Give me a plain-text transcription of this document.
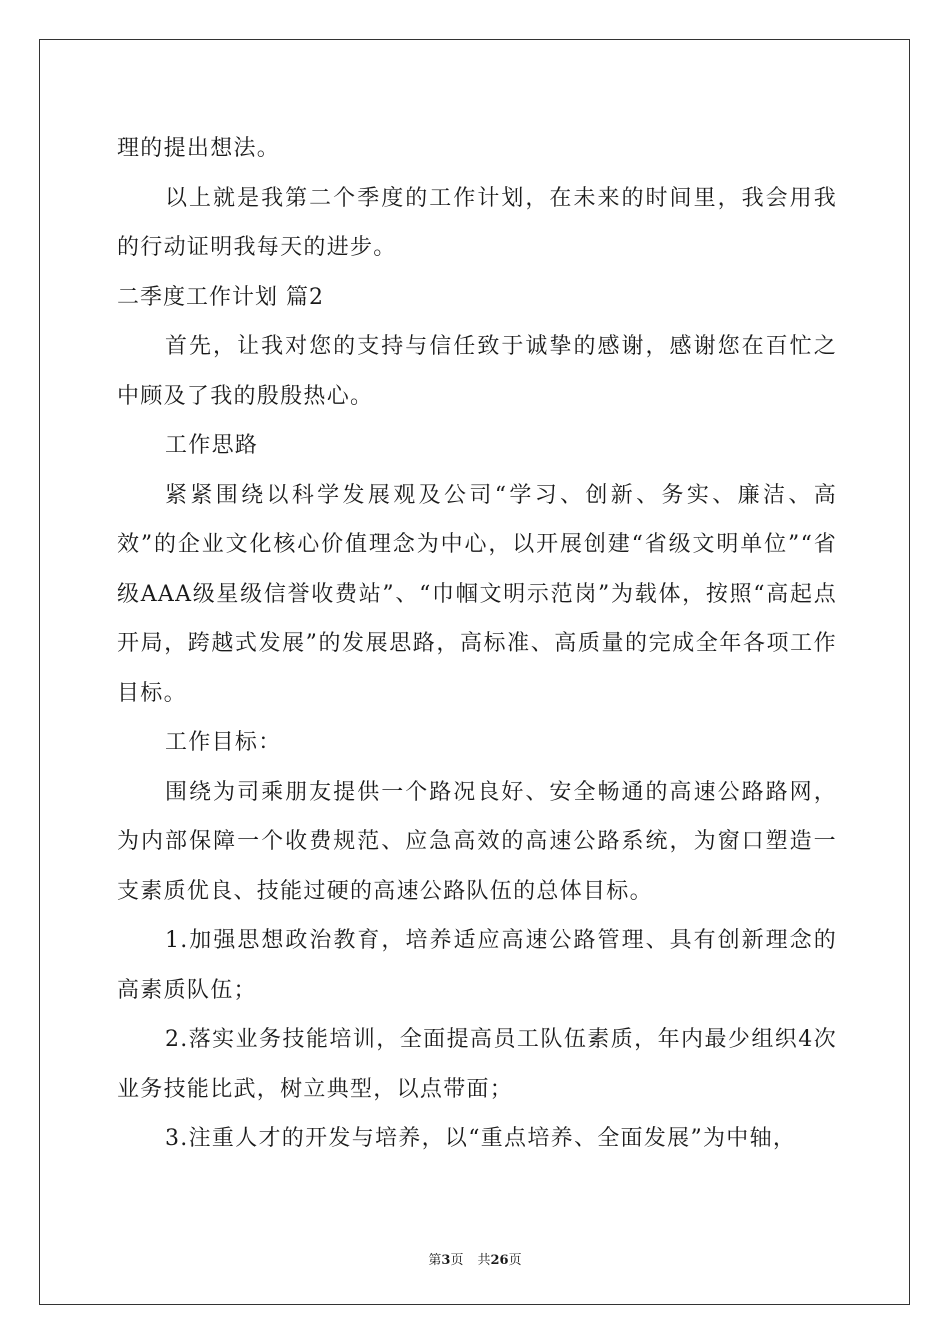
理的提出想法。

以上就是我第二个季度的工作计划，在未来的时间里，我会用我的行动证明我每天的进步。

二季度工作计划 篇2

首先，让我对您的支持与信任致于诚挚的感谢，感谢您在百忙之中顾及了我的殷殷热心。

工作思路

紧紧围绕以科学发展观及公司“学习、创新、务实、廉洁、高效”的企业文化核心价值理念为中心，以开展创建“省级文明单位”“省级AAA级星级信誉收费站”、“巾帼文明示范岗”为载体，按照“高起点开局，跨越式发展”的发展思路，高标准、高质量的完成全年各项工作目标。

工作目标：

围绕为司乘朋友提供一个路况良好、安全畅通的高速公路路网，为内部保障一个收费规范、应急高效的高速公路系统，为窗口塑造一支素质优良、技能过硬的高速公路队伍的总体目标。

1.加强思想政治教育，培养适应高速公路管理、具有创新理念的高素质队伍；

2.落实业务技能培训，全面提高员工队伍素质，年内最少组织4次业务技能比武，树立典型，以点带面；

3.注重人才的开发与培养，以“重点培养、全面发展”为中轴，

第3页 共26页
